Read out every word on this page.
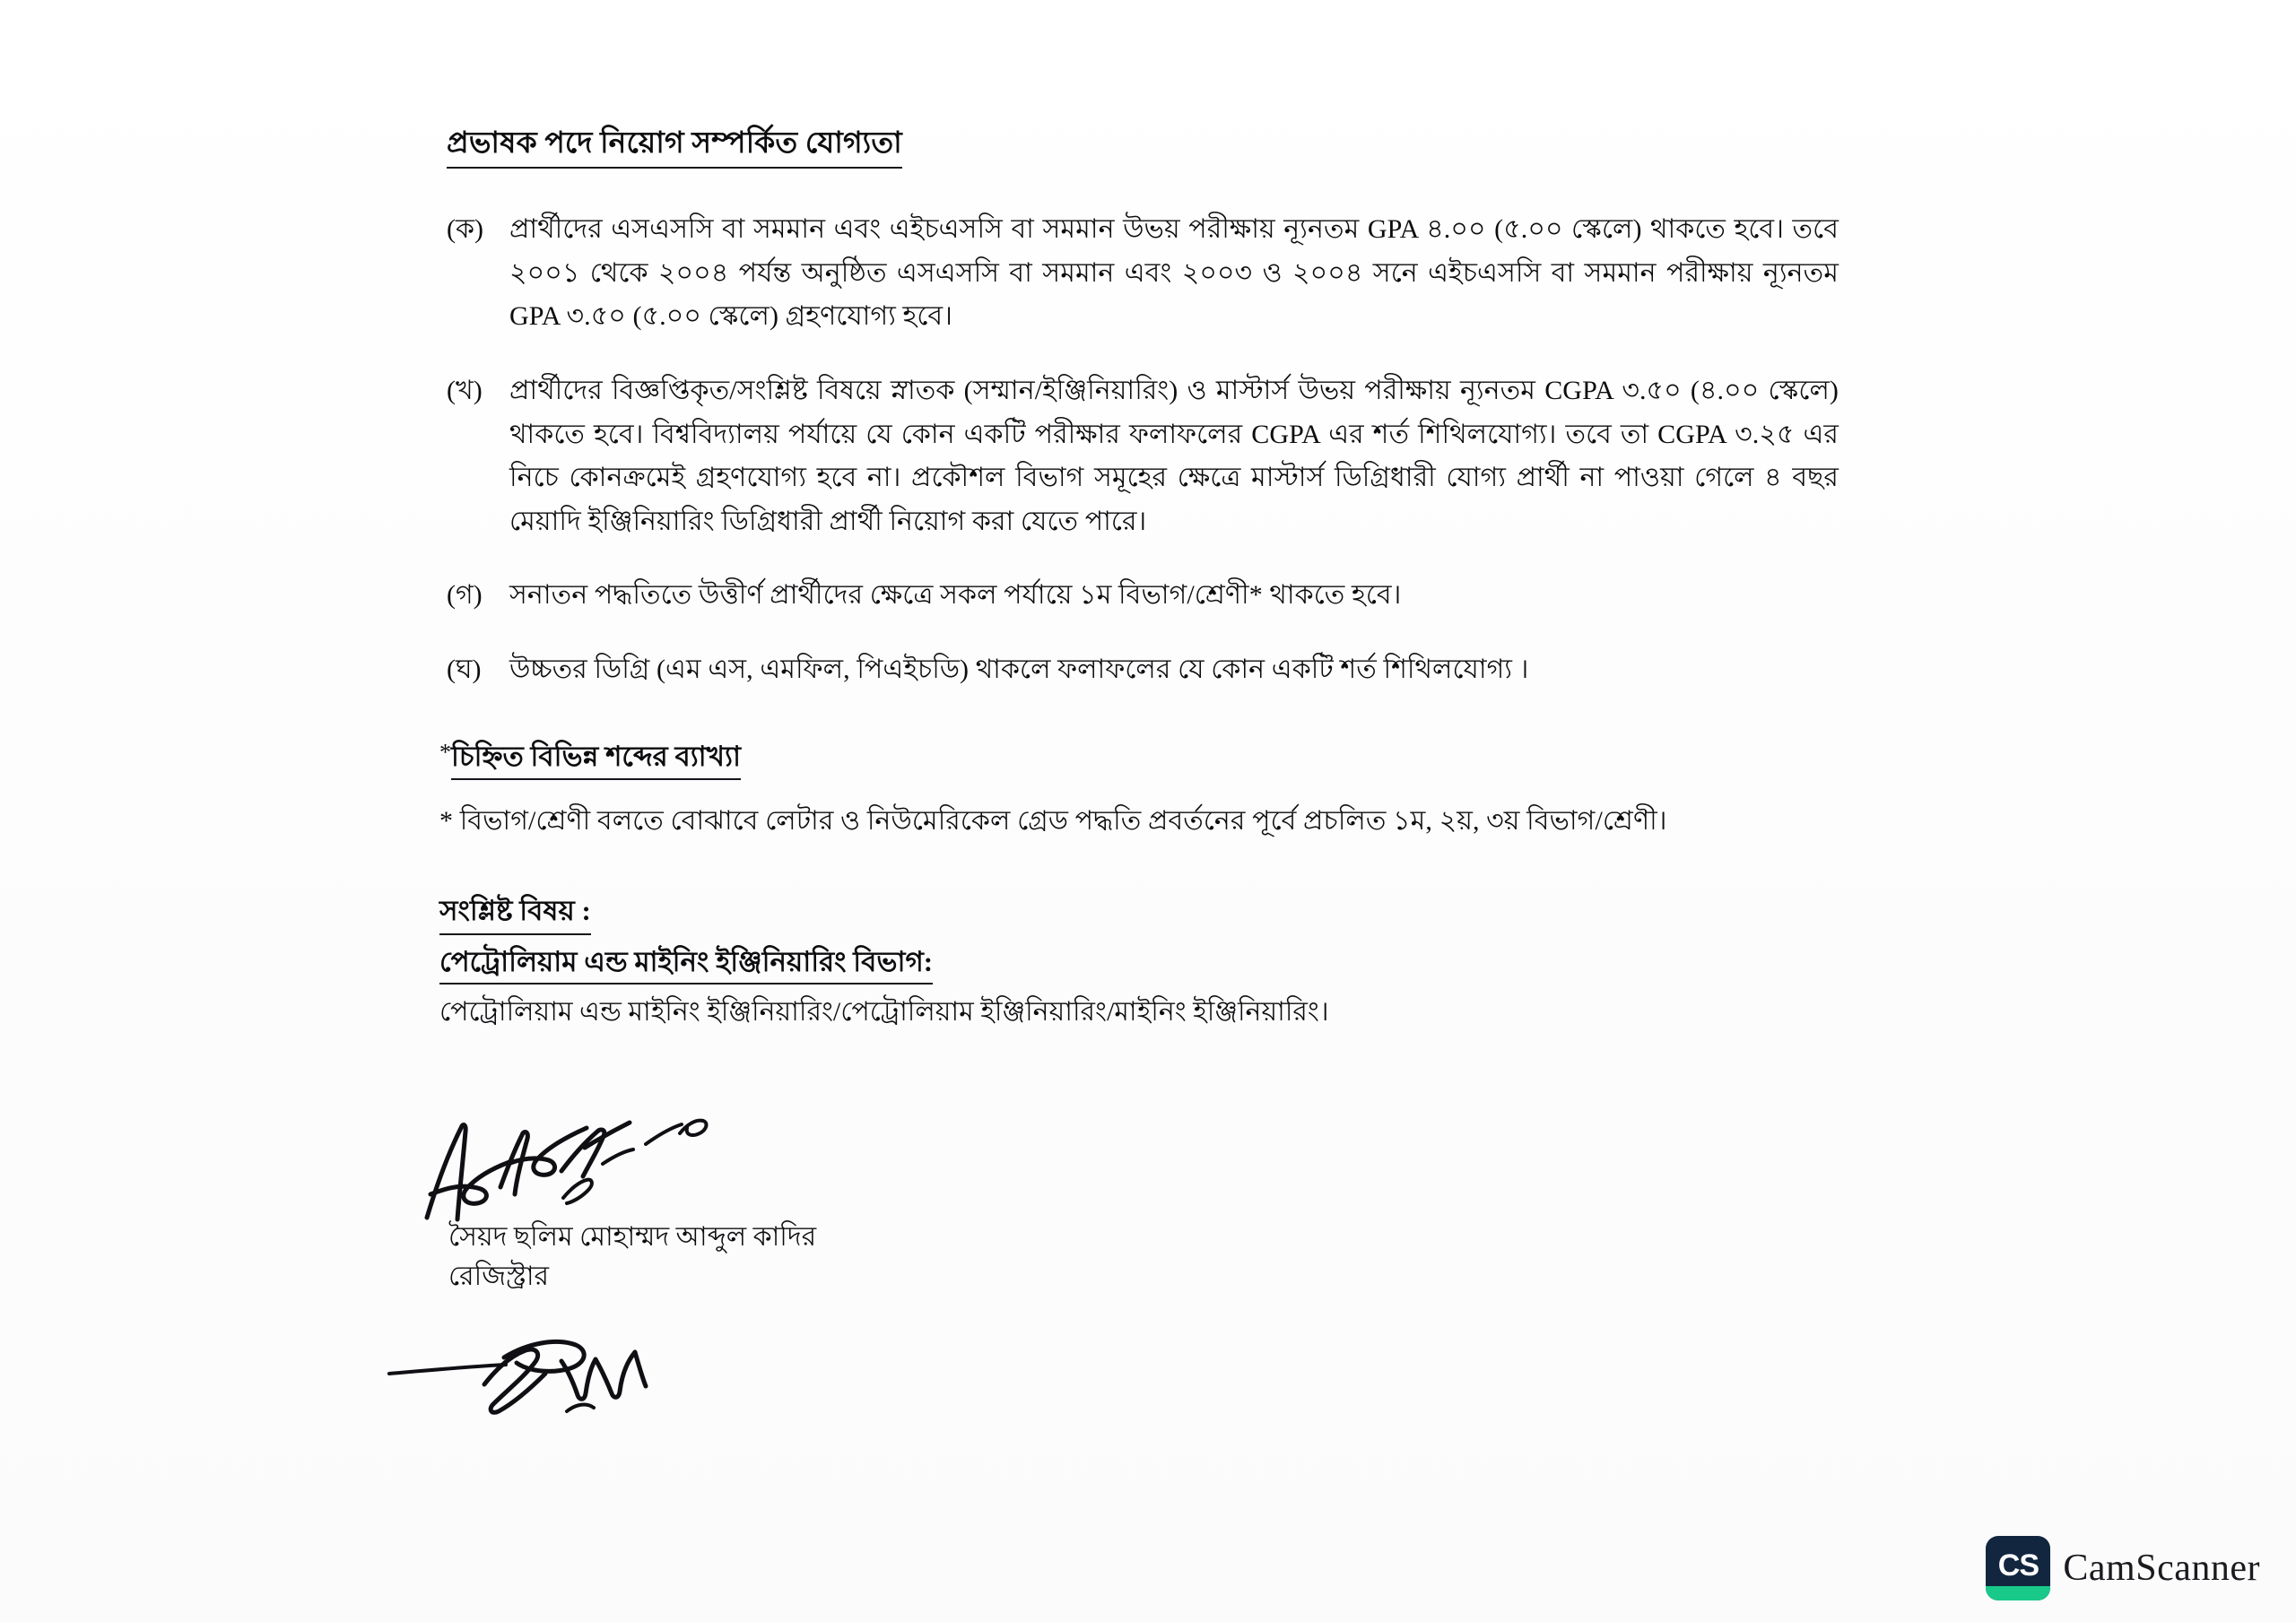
প্রভাষক পদে নিয়োগ সম্পর্কিত যোগ্যতা
(ক) প্রার্থীদের এসএসসি বা সমমান এবং এইচএসসি বা সমমান উভয় পরীক্ষায় ন্যূনতম GPA ৪.০০ (৫.০০ স্কেলে) থাকতে হবে। তবে ২০০১ থেকে ২০০৪ পর্যন্ত অনুষ্ঠিত এসএসসি বা সমমান এবং ২০০৩ ও ২০০৪ সনে এইচএসসি বা সমমান পরীক্ষায় ন্যূনতম GPA ৩.৫০ (৫.০০ স্কেলে) গ্রহণযোগ্য হবে।
(খ)	প্রার্থীদের বিজ্ঞপ্তিকৃত/সংশ্লিষ্ট বিষয়ে স্নাতক (সম্মান/ইঞ্জিনিয়ারিং) ও মাস্টার্স উভয় পরীক্ষায় ন্যূনতম CGPA ৩.৫০ (৪.০০ স্কেলে) থাকতে হবে। বিশ্ববিদ্যালয় পর্যায়ে যে কোন একটি পরীক্ষার ফলাফলের CGPA এর শর্ত শিথিলযোগ্য। তবে তা CGPA ৩.২৫ এর নিচে কোনক্রমেই গ্রহণযোগ্য হবে না। প্রকৌশল বিভাগ সমূহের ক্ষেত্রে মাস্টার্স ডিগ্রিধারী যোগ্য প্রার্থী না পাওয়া গেলে ৪ বছর মেয়াদি ইঞ্জিনিয়ারিং ডিগ্রিধারী প্রার্থী নিয়োগ করা যেতে পারে।
(গ)	সনাতন পদ্ধতিতে উত্তীর্ণ প্রার্থীদের ক্ষেত্রে সকল পর্যায়ে ১ম বিভাগ/শ্রেণী* থাকতে হবে।
(ঘ)	উচ্চতর ডিগ্রি (এম এস, এমফিল, পিএইচডি) থাকলে ফলাফলের যে কোন একটি শর্ত শিথিলযোগ্য ।
*চিহ্নিত বিভিন্ন শব্দের ব্যাখ্যা
* বিভাগ/শ্রেণী বলতে বোঝাবে লেটার ও নিউমেরিকেল গ্রেড পদ্ধতি প্রবর্তনের পূর্বে প্রচলিত ১ম, ২য়, ৩য় বিভাগ/শ্রেণী।
সংশ্লিষ্ট বিষয় :
পেট্রোলিয়াম এন্ড মাইনিং ইঞ্জিনিয়ারিং বিভাগ:
পেট্রোলিয়াম এন্ড মাইনিং ইঞ্জিনিয়ারিং/পেট্রোলিয়াম ইঞ্জিনিয়ারিং/মাইনিং ইঞ্জিনিয়ারিং।
সৈয়দ ছলিম মোহাম্মদ আব্দুল কাদির
রেজিস্ট্রার
CS CamScanner
